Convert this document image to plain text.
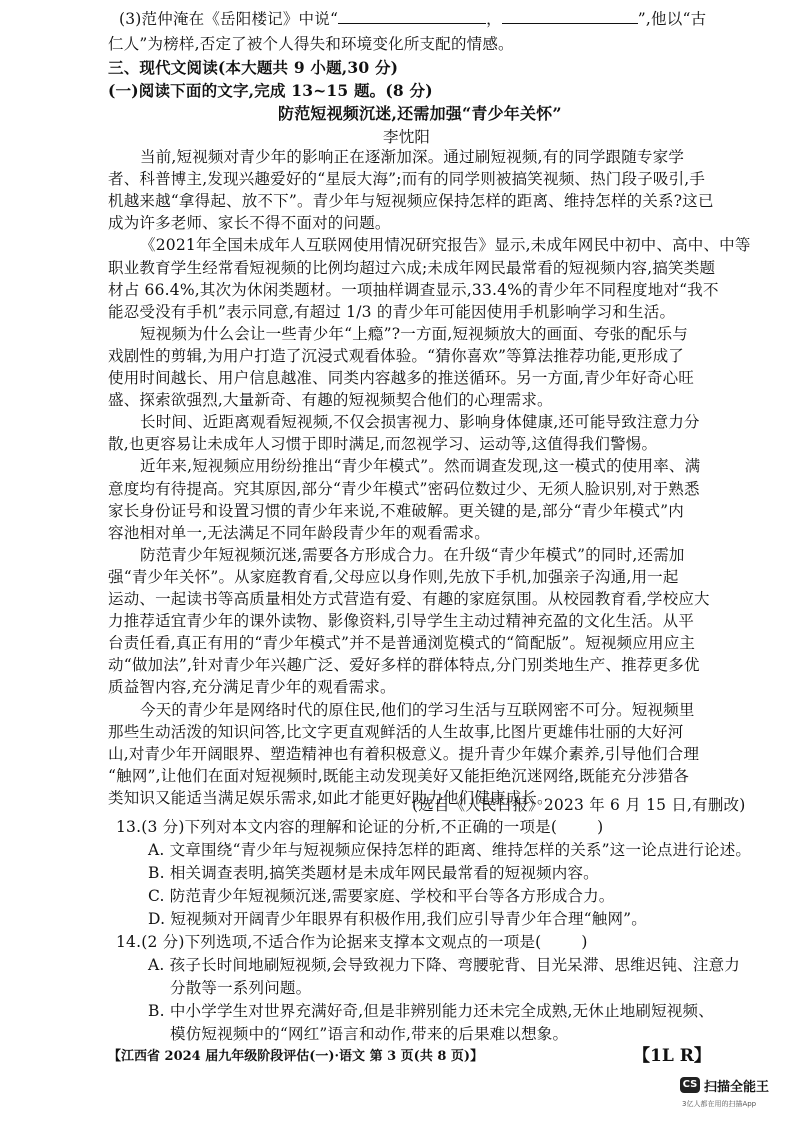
(3)范仲淹在《岳阳楼记》中说“	，	”,他以“古
仁人”为榜样,否定了被个人得失和环境变化所支配的情感。
三、现代文阅读(本大题共 9 小题,30 分)
(一)阅读下面的文字,完成 13~15 题。(8 分)
防范短视频沉迷,还需加强“青少年关怀”
李忱阳
当前,短视频对青少年的影响正在逐渐加深。通过刷短视频,有的同学跟随专家学
者、科普博主,发现兴趣爱好的“星辰大海”;而有的同学则被搞笑视频、热门段子吸引,手
机越来越“拿得起、放不下”。青少年与短视频应保持怎样的距离、维持怎样的关系?这已
成为许多老师、家长不得不面对的问题。
《2021年全国未成年人互联网使用情况研究报告》显示,未成年网民中初中、高中、中等
职业教育学生经常看短视频的比例均超过六成;未成年网民最常看的短视频内容,搞笑类题
材占 66.4%,其次为休闲类题材。一项抽样调查显示,33.4%的青少年不同程度地对“我不
能忍受没有手机”表示同意,有超过 1/3 的青少年可能因使用手机影响学习和生活。
短视频为什么会让一些青少年“上瘾”?一方面,短视频放大的画面、夸张的配乐与
戏剧性的剪辑,为用户打造了沉浸式观看体验。“猜你喜欢”等算法推荐功能,更形成了
使用时间越长、用户信息越准、同类内容越多的推送循环。另一方面,青少年好奇心旺
盛、探索欲强烈,大量新奇、有趣的短视频契合他们的心理需求。
长时间、近距离观看短视频,不仅会损害视力、影响身体健康,还可能导致注意力分
散,也更容易让未成年人习惯于即时满足,而忽视学习、运动等,这值得我们警惕。
近年来,短视频应用纷纷推出“青少年模式”。然而调查发现,这一模式的使用率、满
意度均有待提高。究其原因,部分“青少年模式”密码位数过少、无须人脸识别,对于熟悉
家长身份证号和设置习惯的青少年来说,不难破解。更关键的是,部分“青少年模式”内
容池相对单一,无法满足不同年龄段青少年的观看需求。
防范青少年短视频沉迷,需要各方形成合力。在升级“青少年模式”的同时,还需加
强“青少年关怀”。从家庭教育看,父母应以身作则,先放下手机,加强亲子沟通,用一起
运动、一起读书等高质量相处方式营造有爱、有趣的家庭氛围。从校园教育看,学校应大
力推荐适宜青少年的课外读物、影像资料,引导学生主动过精神充盈的文化生活。从平
台责任看,真正有用的“青少年模式”并不是普通浏览模式的“简配版”。短视频应用应主
动“做加法”,针对青少年兴趣广泛、爱好多样的群体特点,分门别类地生产、推荐更多优
质益智内容,充分满足青少年的观看需求。
今天的青少年是网络时代的原住民,他们的学习生活与互联网密不可分。短视频里
那些生动活泼的知识问答,比文字更直观鲜活的人生故事,比图片更雄伟壮丽的大好河
山,对青少年开阔眼界、塑造精神也有着积极意义。提升青少年媒介素养,引导他们合理
“触网”,让他们在面对短视频时,既能主动发现美好又能拒绝沉迷网络,既能充分涉猎各
类知识又能适当满足娱乐需求,如此才能更好助力他们健康成长。
(选自《人民日报》2023 年 6 月 15 日,有删改)
13.(3 分)下列对本文内容的理解和论证的分析,不正确的一项是(	)
A. 文章围绕“青少年与短视频应保持怎样的距离、维持怎样的关系”这一论点进行论述。
B. 相关调查表明,搞笑类题材是未成年网民最常看的短视频内容。
C. 防范青少年短视频沉迷,需要家庭、学校和平台等各方形成合力。
D. 短视频对开阔青少年眼界有积极作用,我们应引导青少年合理“触网”。
14.(2 分)下列选项,不适合作为论据来支撑本文观点的一项是(	)
A. 孩子长时间地刷短视频,会导致视力下降、弯腰驼背、目光呆滞、思维迟钝、注意力
分散等一系列问题。
B. 中小学学生对世界充满好奇,但是非辨别能力还未完全成熟,无休止地刷短视频、
模仿短视频中的“网红”语言和动作,带来的后果难以想象。
【江西省 2024 届九年级阶段评估(一)·语文 第 3 页(共 8 页)】	【1L R】
CS 扫描全能王
3亿人都在用的扫描App
